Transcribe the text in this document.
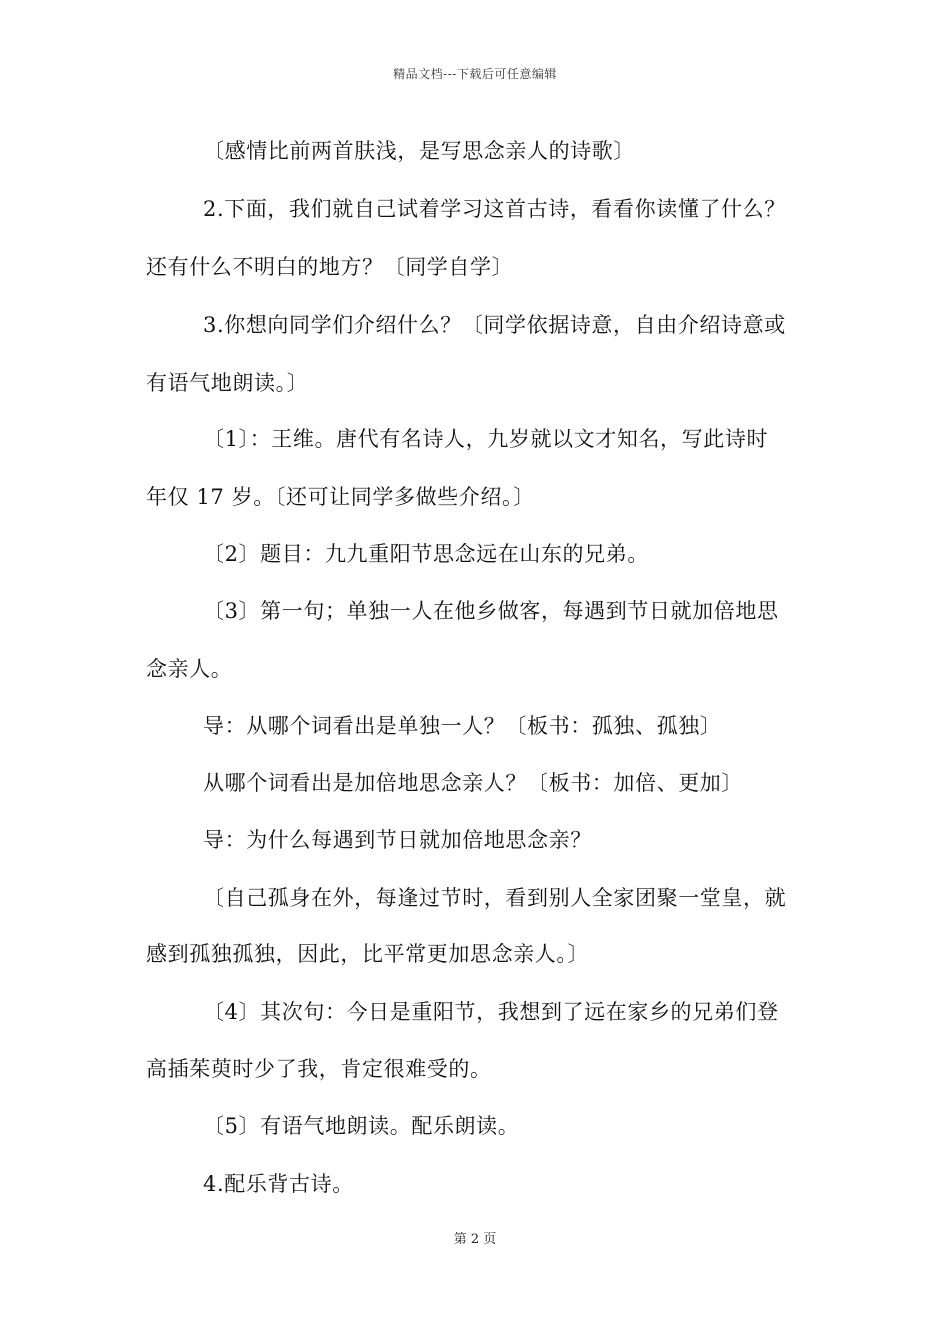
精品文档---下载后可任意编辑
〔感情比前两首肤浅，是写思念亲人的诗歌〕
2.下面，我们就自己试着学习这首古诗，看看你读懂了什么？
还有什么不明白的地方？〔同学自学〕
3.你想向同学们介绍什么？〔同学依据诗意，自由介绍诗意或
有语气地朗读。〕
〔1〕：王维。唐代有名诗人，九岁就以文才知名，写此诗时
年仅 17 岁。〔还可让同学多做些介绍。〕
〔2〕题目：九九重阳节思念远在山东的兄弟。
〔3〕第一句；单独一人在他乡做客，每遇到节日就加倍地思
念亲人。
导：从哪个词看出是单独一人？〔板书：孤独、孤独〕
从哪个词看出是加倍地思念亲人？〔板书：加倍、更加〕
导：为什么每遇到节日就加倍地思念亲？
〔自己孤身在外，每逢过节时，看到别人全家团聚一堂皇，就
感到孤独孤独，因此，比平常更加思念亲人。〕
〔4〕其次句：今日是重阳节，我想到了远在家乡的兄弟们登
高插茱萸时少了我，肯定很难受的。
〔5〕有语气地朗读。配乐朗读。
4.配乐背古诗。
第 2 页
